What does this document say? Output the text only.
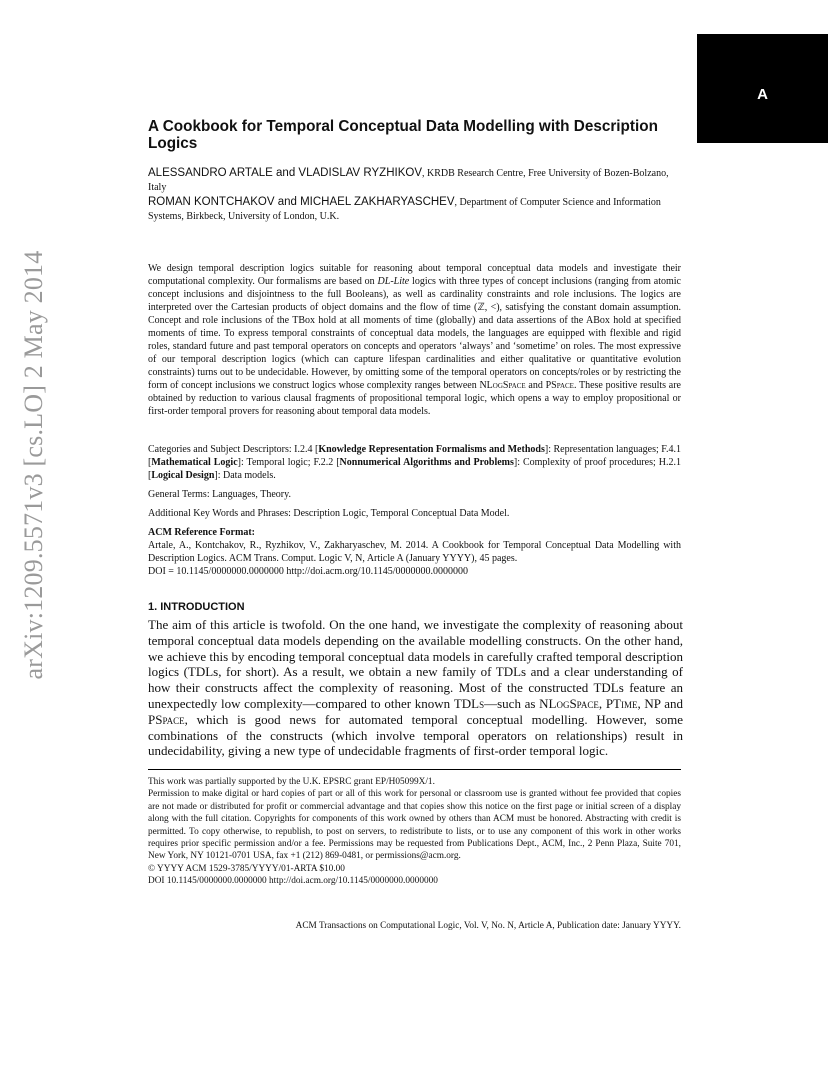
A
arXiv:1209.5571v3 [cs.LO] 2 May 2014
A Cookbook for Temporal Conceptual Data Modelling with Description Logics

ALESSANDRO ARTALE and VLADISLAV RYZHIKOV, KRDB Research Centre, Free University of Bozen-Bolzano, Italy
ROMAN KONTCHAKOV and MICHAEL ZAKHARYASCHEV, Department of Computer Science and Information Systems, Birkbeck, University of London, U.K.

We design temporal description logics suitable for reasoning about temporal conceptual data models and investigate their computational complexity. Our formalisms are based on DL-Lite logics with three types of concept inclusions (ranging from atomic concept inclusions and disjointness to the full Booleans), as well as cardinality constraints and role inclusions. The logics are interpreted over the Cartesian products of object domains and the flow of time (ℤ, <), satisfying the constant domain assumption. Concept and role inclusions of the TBox hold at all moments of time (globally) and data assertions of the ABox hold at specified moments of time. To express temporal constraints of conceptual data models, the languages are equipped with flexible and rigid roles, standard future and past temporal operators on concepts and operators ‘always’ and ‘sometime’ on roles. The most expressive of our temporal description logics (which can capture lifespan cardinalities and either qualitative or quantitative evolution constraints) turns out to be undecidable. However, by omitting some of the temporal operators on concepts/roles or by restricting the form of concept inclusions we construct logics whose complexity ranges between NLogSpace and PSpace. These positive results are obtained by reduction to various clausal fragments of propositional temporal logic, which opens a way to employ propositional or first-order temporal provers for reasoning about temporal data models.

Categories and Subject Descriptors: I.2.4 [Knowledge Representation Formalisms and Methods]: Representation languages; F.4.1 [Mathematical Logic]: Temporal logic; F.2.2 [Nonnumerical Algorithms and Problems]: Complexity of proof procedures; H.2.1 [Logical Design]: Data models.

General Terms: Languages, Theory.

Additional Key Words and Phrases: Description Logic, Temporal Conceptual Data Model.

ACM Reference Format:
Artale, A., Kontchakov, R., Ryzhikov, V., Zakharyaschev, M. 2014. A Cookbook for Temporal Conceptual Data Modelling with Description Logics. ACM Trans. Comput. Logic V, N, Article A (January YYYY), 45 pages.
DOI = 10.1145/0000000.0000000 http://doi.acm.org/10.1145/0000000.0000000

1. INTRODUCTION

The aim of this article is twofold. On the one hand, we investigate the complexity of reasoning about temporal conceptual data models depending on the available modelling constructs. On the other hand, we achieve this by encoding temporal conceptual data models in carefully crafted temporal description logics (TDLs, for short). As a result, we obtain a new family of TDLs and a clear understanding of how their constructs affect the complexity of reasoning. Most of the constructed TDLs feature an unexpectedly low complexity—compared to other known TDLs—such as NLogSpace, PTime, NP and PSpace, which is good news for automated temporal conceptual modelling. However, some combinations of the constructs (which involve temporal operators on relationships) result in undecidability, giving a new type of undecidable fragments of first-order temporal logic.

This work was partially supported by the U.K. EPSRC grant EP/H05099X/1.
Permission to make digital or hard copies of part or all of this work for personal or classroom use is granted without fee provided that copies are not made or distributed for profit or commercial advantage and that copies show this notice on the first page or initial screen of a display along with the full citation. Copyrights for components of this work owned by others than ACM must be honored. Abstracting with credit is permitted. To copy otherwise, to republish, to post on servers, to redistribute to lists, or to use any component of this work in other works requires prior specific permission and/or a fee. Permissions may be requested from Publications Dept., ACM, Inc., 2 Penn Plaza, Suite 701, New York, NY 10121-0701 USA, fax +1 (212) 869-0481, or permissions@acm.org.
© YYYY ACM 1529-3785/YYYY/01-ARTA $10.00
DOI 10.1145/0000000.0000000 http://doi.acm.org/10.1145/0000000.0000000

ACM Transactions on Computational Logic, Vol. V, No. N, Article A, Publication date: January YYYY.
